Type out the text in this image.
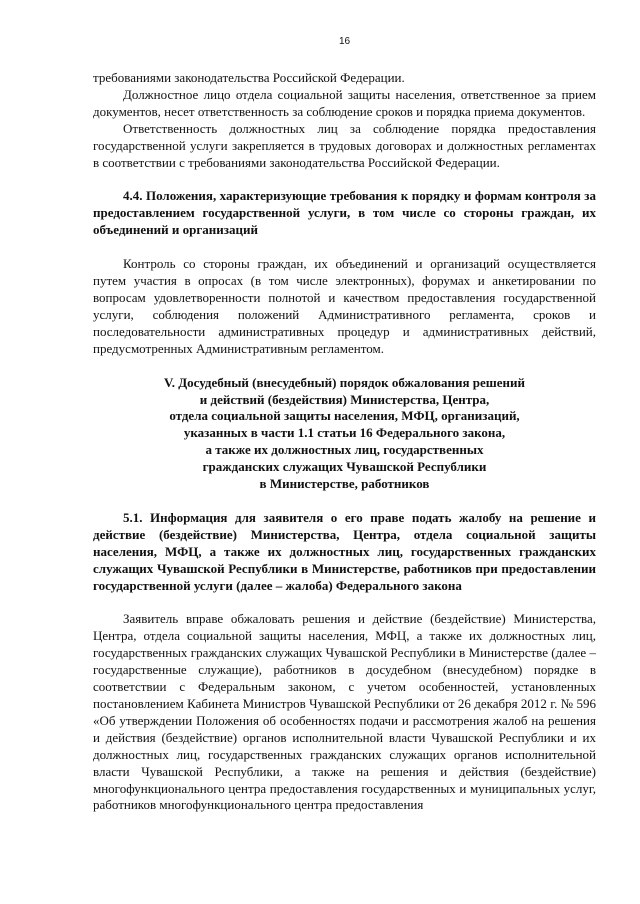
16

требованиями законодательства Российской Федерации.

Должностное лицо отдела социальной защиты населения, ответственное за прием документов, несет ответственность за соблюдение сроков и порядка приема документов.

Ответственность должностных лиц за соблюдение порядка предоставления государственной услуги закрепляется в трудовых договорах и должностных регламентах в соответствии с требованиями законодательства Российской Федерации.

4.4. Положения, характеризующие требования к порядку и формам контроля за предоставлением государственной услуги, в том числе со стороны граждан, их объединений и организаций

Контроль со стороны граждан, их объединений и организаций осуществляется путем участия в опросах (в том числе электронных), форумах и анкетировании по вопросам удовлетворенности полнотой и качеством предоставления государственной услуги, соблюдения положений Административного регламента, сроков и последовательности административных процедур и административных действий, предусмотренных Административным регламентом.

V. Досудебный (внесудебный) порядок обжалования решений
и действий (бездействия) Министерства, Центра,
отдела социальной защиты населения, МФЦ, организаций,
указанных в части 1.1 статьи 16 Федерального закона,
а также их должностных лиц, государственных
гражданских служащих Чувашской Республики
в Министерстве, работников

5.1. Информация для заявителя о его праве подать жалобу на решение и действие (бездействие) Министерства, Центра, отдела социальной защиты населения, МФЦ, а также их должностных лиц, государственных гражданских служащих Чувашской Республики в Министерстве, работников при предоставлении государственной услуги (далее – жалоба) Федерального закона

Заявитель вправе обжаловать решения и действие (бездействие) Министерства, Центра, отдела социальной защиты населения, МФЦ, а также их должностных лиц, государственных гражданских служащих Чувашской Республики в Министерстве (далее – государственные служащие), работников в досудебном (внесудебном) порядке в соответствии с Федеральным законом, с учетом особенностей, установленных постановлением Кабинета Министров Чувашской Республики от 26 декабря 2012 г. № 596 «Об утверждении Положения об особенностях подачи и рассмотрения жалоб на решения и действия (бездействие) органов исполнительной власти Чувашской Республики и их должностных лиц, государственных гражданских служащих органов исполнительной власти Чувашской Республики, а также на решения и действия (бездействие) многофункционального центра предоставления государственных и муниципальных услуг, работников многофункционального центра предоставления
